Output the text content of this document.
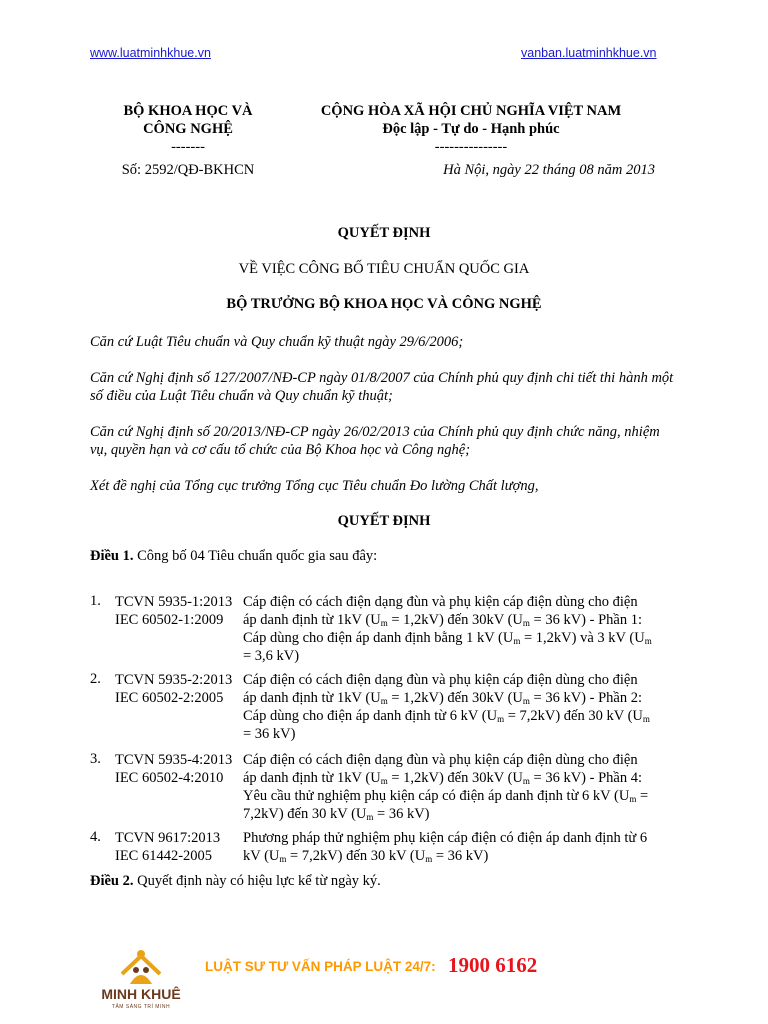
www.luatminhkhue.vn	vanban.luatminhkhue.vn
BỘ KHOA HỌC VÀ
CÔNG NGHỆ
-------
Số: 2592/QĐ-BKHCN
CỘNG HÒA XÃ HỘI CHỦ NGHĨA VIỆT NAM
Độc lập - Tự do - Hạnh phúc
---------------
Hà Nội, ngày 22 tháng 08 năm 2013
QUYẾT ĐỊNH
VỀ VIỆC CÔNG BỐ TIÊU CHUẨN QUỐC GIA
BỘ TRƯỞNG BỘ KHOA HỌC VÀ CÔNG NGHỆ
Căn cứ Luật Tiêu chuẩn và Quy chuẩn kỹ thuật ngày 29/6/2006;
Căn cứ Nghị định số 127/2007/NĐ-CP ngày 01/8/2007 của Chính phủ quy định chi tiết thi hành một số điều của Luật Tiêu chuẩn và Quy chuẩn kỹ thuật;
Căn cứ Nghị định số 20/2013/NĐ-CP ngày 26/02/2013 của Chính phủ quy định chức năng, nhiệm vụ, quyền hạn và cơ cấu tổ chức của Bộ Khoa học và Công nghệ;
Xét đề nghị của Tổng cục trưởng Tổng cục Tiêu chuẩn Đo lường Chất lượng,
QUYẾT ĐỊNH
Điều 1. Công bố 04 Tiêu chuẩn quốc gia sau đây:
1. TCVN 5935-1:2013
IEC 60502-1:2009
Cáp điện có cách điện dạng đùn và phụ kiện cáp điện dùng cho điện áp danh định từ 1kV $(U_m = 1,2kV)$ đến 30kV ($U_m = 36$ kV) - Phần 1: Cáp dùng cho điện áp danh định bằng 1 kV $(U_m = 1,2kV)$ và 3 kV ($U_m = 3,6$ kV)
2. TCVN 5935-2:2013
IEC 60502-2:2005
Cáp điện có cách điện dạng đùn và phụ kiện cáp điện dùng cho điện áp danh định từ 1kV $(U_m = 1,2kV)$ đến 30kV ($U_m = 36$ kV) - Phần 2: Cáp dùng cho điện áp danh định từ 6 kV $(U_m = 7,2kV)$ đến 30 kV ($U_m = 36$ kV)
3. TCVN 5935-4:2013
IEC 60502-4:2010
Cáp điện có cách điện dạng đùn và phụ kiện cáp điện dùng cho điện áp danh định từ 1kV $(U_m = 1,2kV)$ đến 30kV ($U_m = 36$ kV) - Phần 4: Yêu cầu thử nghiệm phụ kiện cáp có điện áp danh định từ 6 kV $(U_m = 7,2kV)$ đến 30 kV ($U_m = 36$ kV)
4. TCVN 9617:2013
IEC 61442-2005
Phương pháp thử nghiệm phụ kiện cáp điện có điện áp danh định từ 6 kV $(U_m = 7,2kV)$ đến 30 kV ($U_m = 36$ kV)
Điều 2. Quyết định này có hiệu lực kể từ ngày ký.
MINH KHUÊ
TÂM SÁNG TRÍ MINH
LUẬT SƯ TƯ VẤN PHÁP LUẬT 24/7: 1900 6162
